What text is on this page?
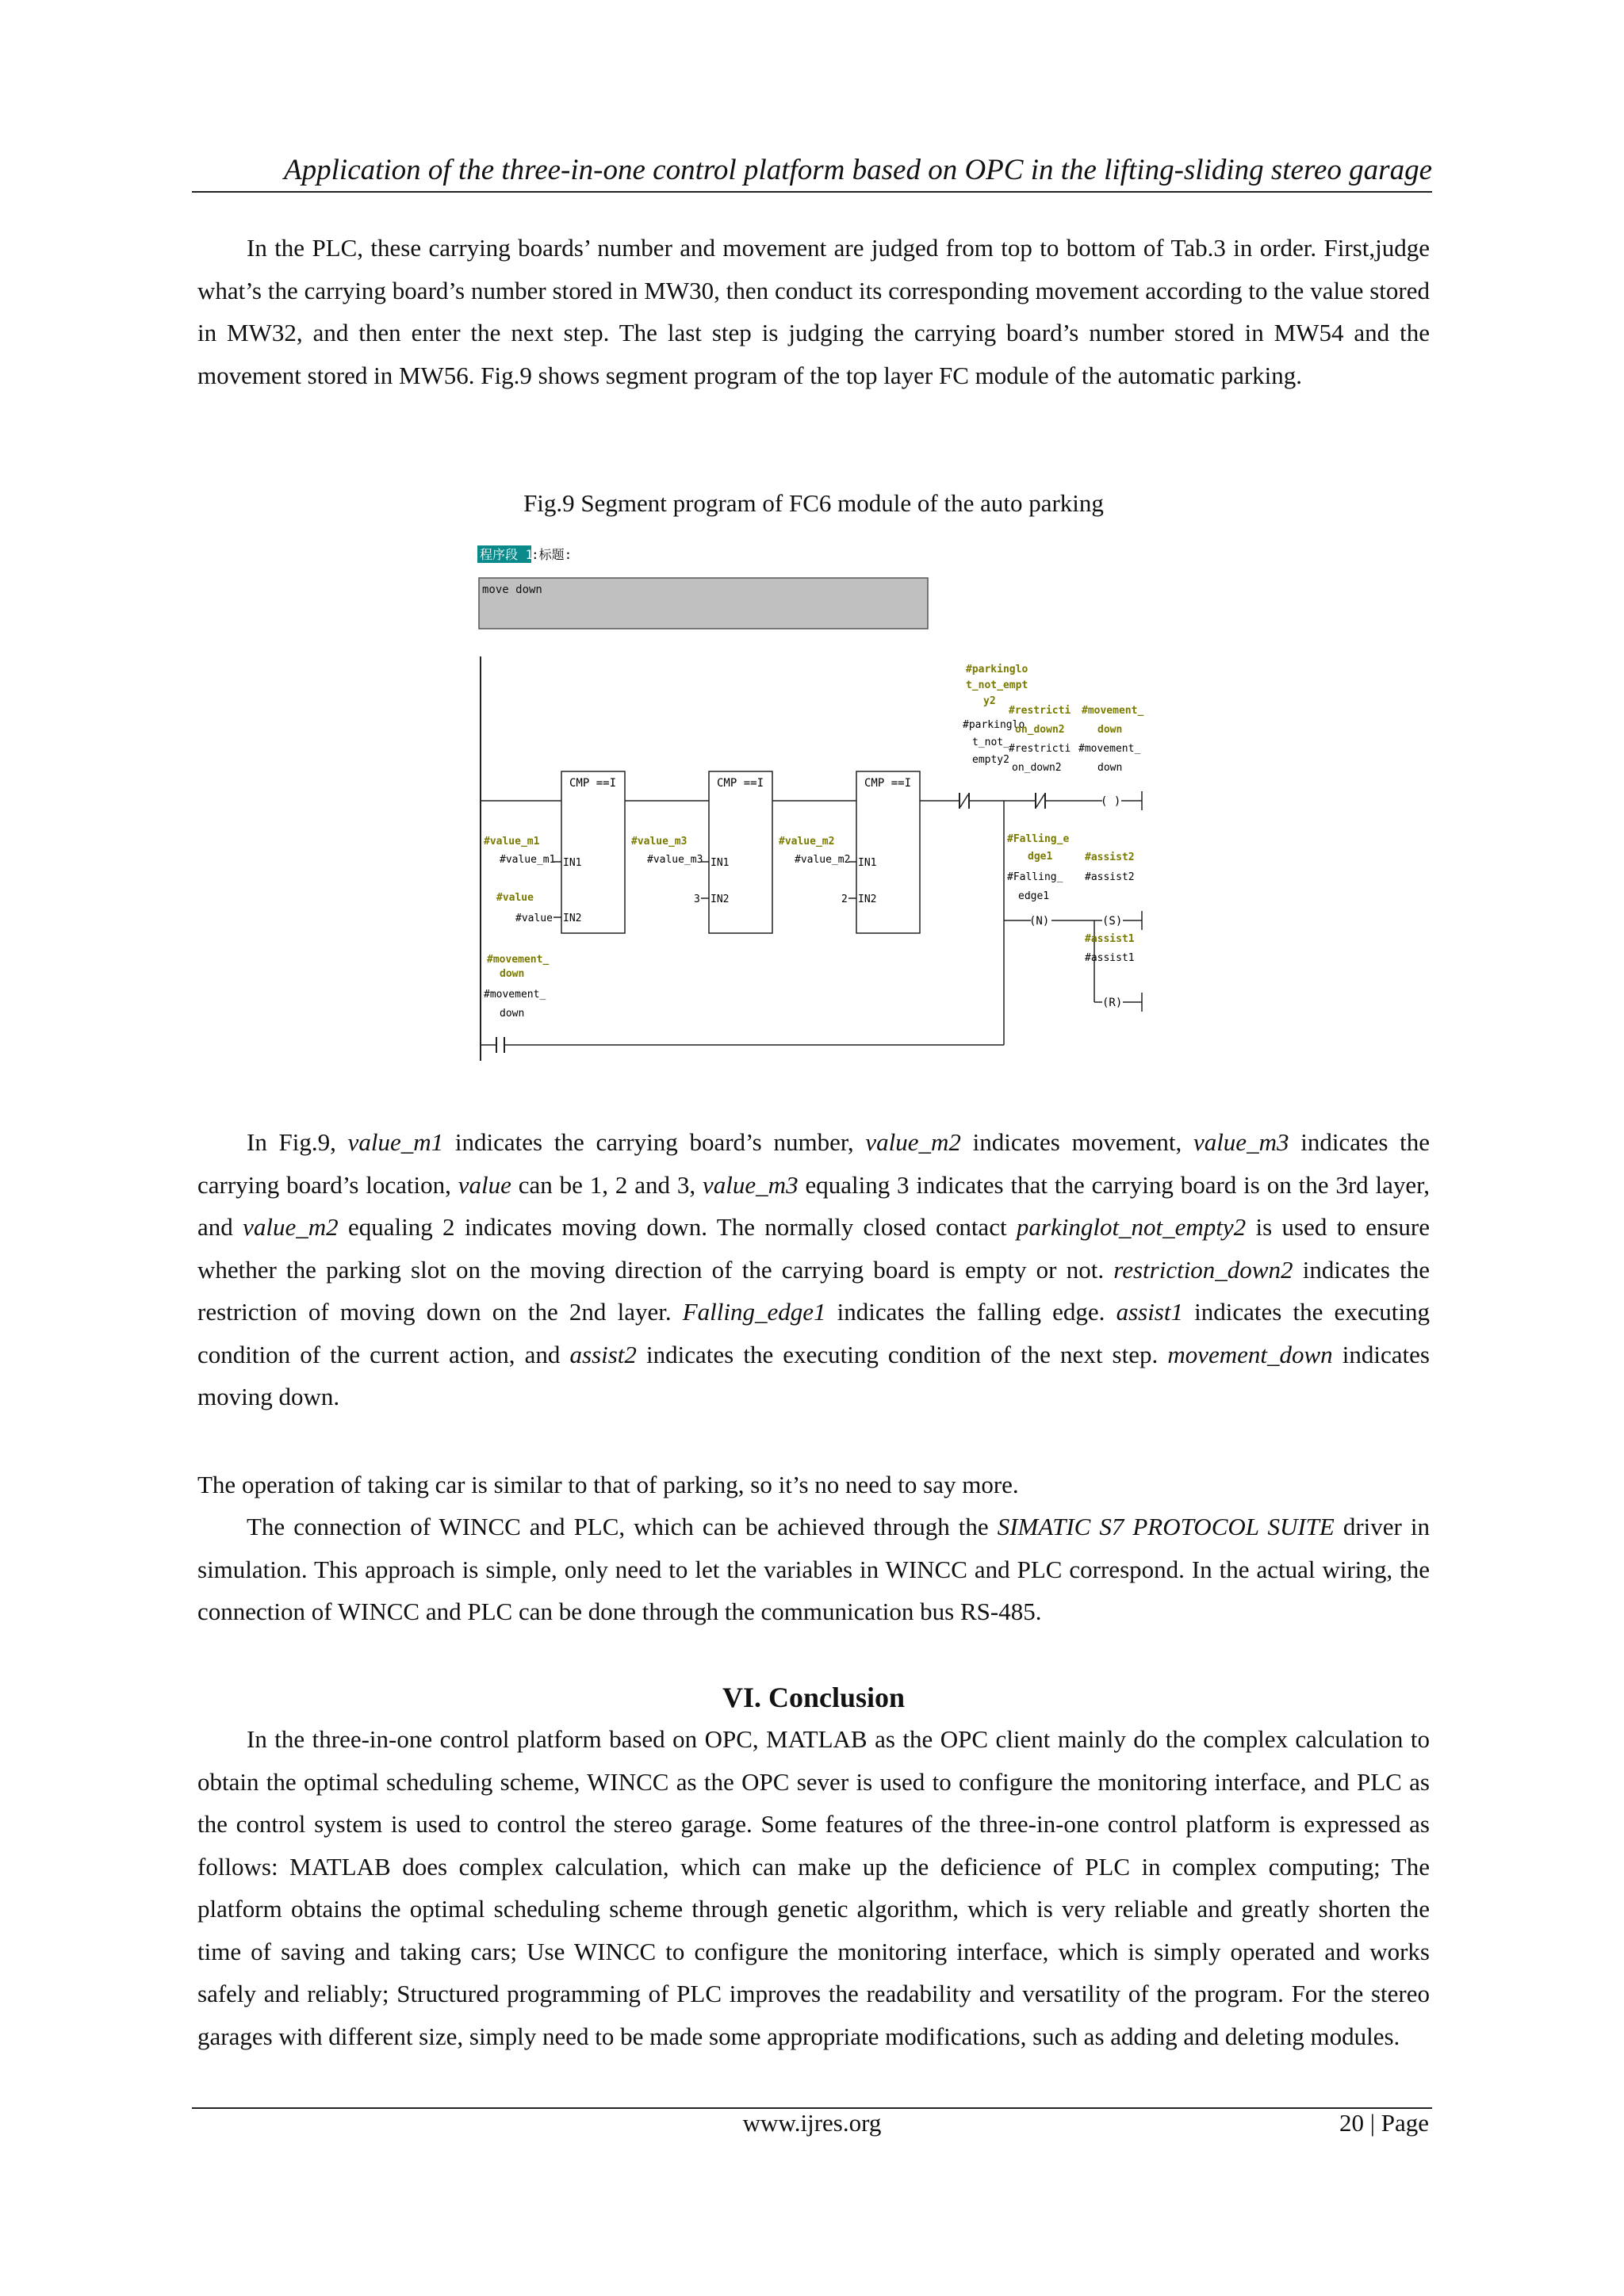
Application of the three-in-one control platform based on OPC in the lifting-sliding stereo garage

In the PLC, these carrying boards’ number and movement are judged from top to bottom of Tab.3 in order. First,judge what’s the carrying board’s number stored in MW30, then conduct its corresponding movement according to the value stored in MW32, and then enter the next step. The last step is judging the carrying board’s number stored in MW54 and the movement stored in MW56. Fig.9 shows segment program of the top layer FC module of the automatic parking.

Fig.9 Segment program of FC6 module of the auto parking
程序段 1
:标题:
move down
CMP ==I
IN1
IN2
CMP ==I
IN1
IN2
CMP ==I
IN1
IN2
#value_m1
#value_m1
#value
#value
#value_m3
#value_m3
3
#value_m2
#value_m2
2
#movement_
down
#movement_
down
#parkinglo
t_not_empt
y2
#parkinglo
t_not_
empty2
#restricti
on_down2
#restricti
on_down2
#movement_
down
#movement_
down
( )
#Falling_e
dge1
#Falling_
edge1
(N)
#assist2
#assist2
(S)
#assist1
#assist1
(R)

In Fig.9, value_m1 indicates the carrying board’s number, value_m2 indicates movement, value_m3 indicates the carrying board’s location, value can be 1, 2 and 3, value_m3 equaling 3 indicates that the carrying board is on the 3rd layer, and value_m2 equaling 2 indicates moving down. The normally closed contact parkinglot_not_empty2 is used to ensure whether the parking slot on the moving direction of the carrying board is empty or not. restriction_down2 indicates the restriction of moving down on the 2nd layer. Falling_edge1 indicates the falling edge. assist1 indicates the executing condition of the current action, and assist2 indicates the executing condition of the next step. movement_down indicates moving down.

The operation of taking car is similar to that of parking, so it’s no need to say more.

The connection of WINCC and PLC, which can be achieved through the SIMATIC S7 PROTOCOL SUITE driver in simulation. This approach is simple, only need to let the variables in WINCC and PLC correspond. In the actual wiring, the connection of WINCC and PLC can be done through the communication bus RS-485.

VI. Conclusion

In the three-in-one control platform based on OPC, MATLAB as the OPC client mainly do the complex calculation to obtain the optimal scheduling scheme, WINCC as the OPC sever is used to configure the monitoring interface, and PLC as the control system is used to control the stereo garage. Some features of the three-in-one control platform is expressed as follows: MATLAB does complex calculation, which can make up the deficience of PLC in complex computing; The platform obtains the optimal scheduling scheme through genetic algorithm, which is very reliable and greatly shorten the time of saving and taking cars; Use WINCC to configure the monitoring interface, which is simply operated and works safely and reliably; Structured programming of PLC improves the readability and versatility of the program. For the stereo garages with different size, simply need to be made some appropriate modifications, such as adding and deleting modules.

www.ijres.org	20 | Page
